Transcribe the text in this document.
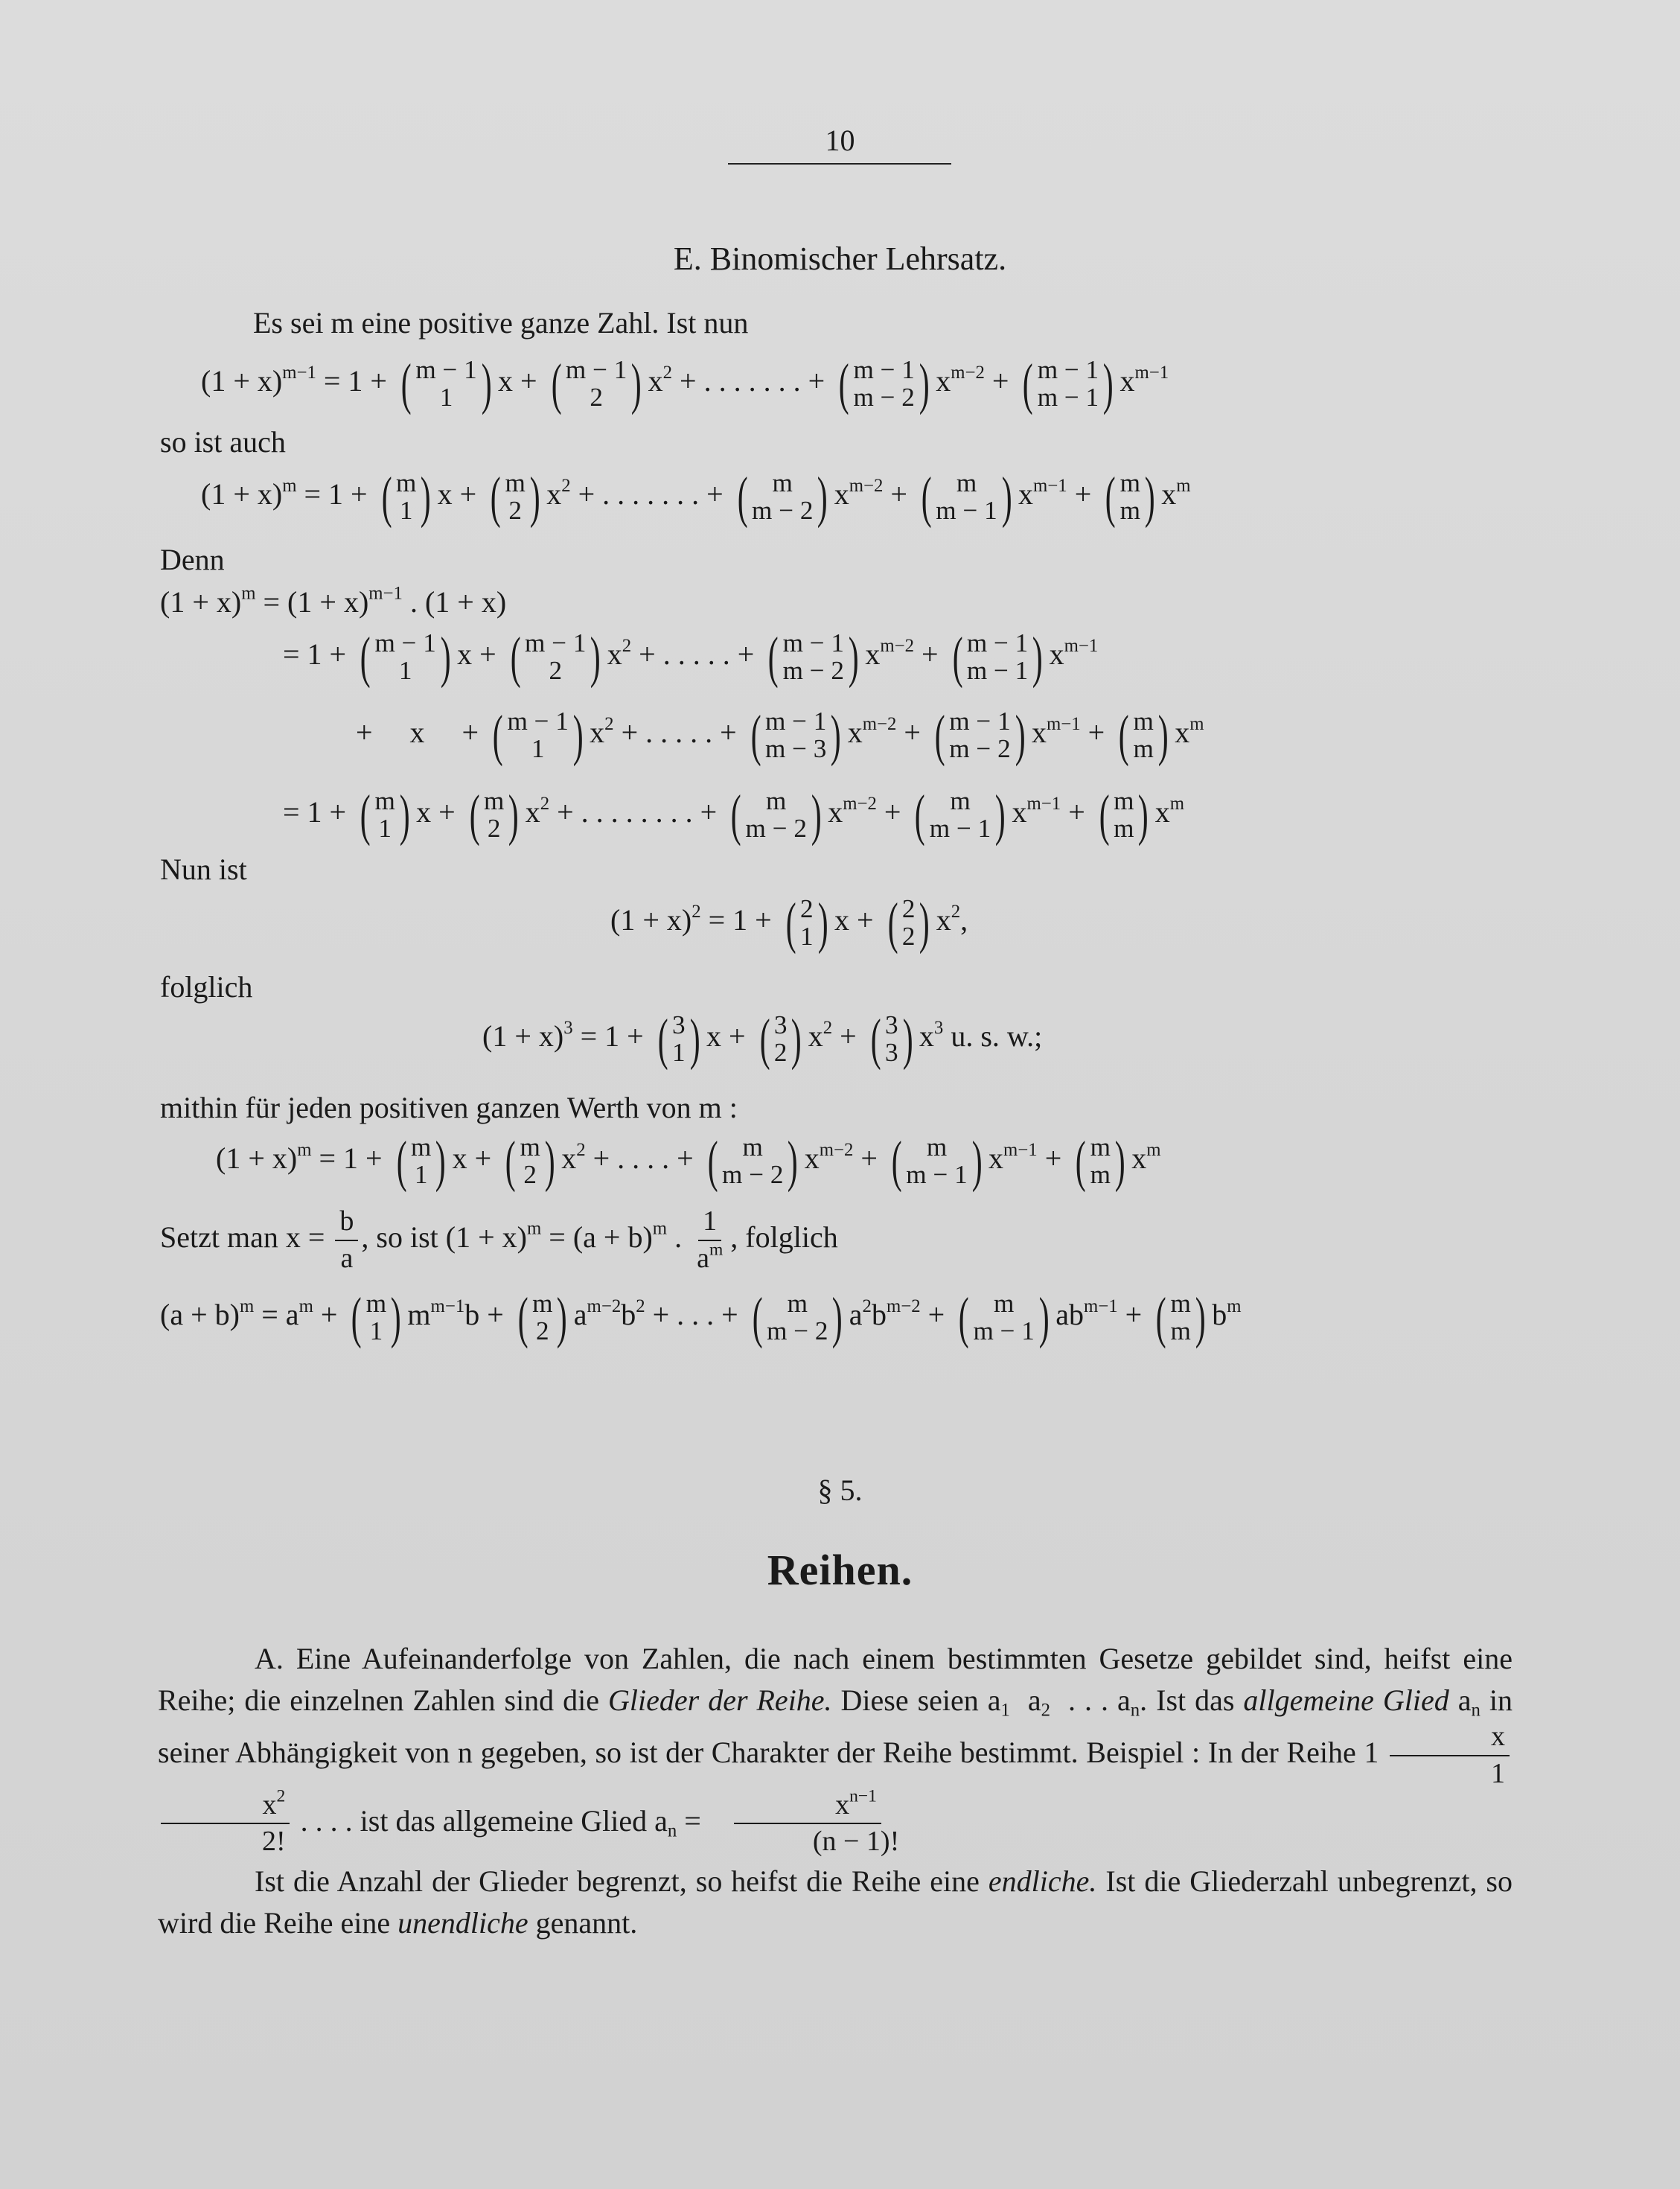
10
E. Binomischer Lehrsatz.
Es sei m eine positive ganze Zahl. Ist nun
$(1 + x)^{m-1} = 1$ + ( m − 1
1 ) x + ( m − 1
2 ) $x^2$ + . . . . . . . + ( m − 1
m − 2 ) $x^{m-2}$ + ( m − 1
m − 1 ) $x^{m-1}$
so ist auch
$(1 + x)^m = 1$ + ( m
1 ) x + ( m
2 ) $x^2$ + . . . . . . . + ( m
m − 2 ) $x^{m-2}$ + ( m
m − 1 ) $x^{m-1}$ + ( m
m ) $x^m$
Denn
$(1 + x)^m = (1 + x)^{m-1}$ . (1 + x)
= 1 + ( m − 1
1 ) x + ( m − 1
2 ) $x^2$ + . . . . . + ( m − 1
m − 2 ) $x^{m-2}$ + ( m − 1
m − 1 ) $x^{m-1}$
+     x     + ( m − 1
1 ) $x^2$ + . . . . . + ( m − 1
m − 3 ) $x^{m-2}$ + ( m − 1
m − 2 ) $x^{m-1}$ + ( m
m ) $x^m$
= 1 + ( m
1 ) x + ( m
2 ) $x^2$ + . . . . . . . . + ( m
m − 2 ) $x^{m-2}$ + ( m
m − 1 ) $x^{m-1}$ + ( m
m ) $x^m$
Nun ist
$(1 + x)^2 = 1$ + ( 2
1 ) x + ( 2
2 ) $x^2$,
folglich
$(1 + x)^3 = 1$ + ( 3
1 ) x + ( 3
2 ) $x^2$ + ( 3
3 ) $x^3$ u. s. w.;
mithin für jeden positiven ganzen Werth von m :
$(1 + x)^m = 1$ + ( m
1 ) x + ( m
2 ) $x^2$ + . . . . + ( m
m − 2 ) $x^{m-2}$ + ( m
m − 1 ) $x^{m-1}$ + ( m
m ) $x^m$
Setzt man $x = \frac{b}{a}$ , so ist $(1 + x)^m = (a + b)^m$ . $\frac{1}{a^m}$ , folglich
$(a + b)^m = a^m$ + ( m
1 ) $m^{m-1}b$ + ( m
2 ) $a^{m-2}b^2$ + . . . + ( m
m − 2 ) $a^2b^{m-2}$ + ( m
m − 1 ) $ab^{m-1}$ + ( m
m ) $b^m$
§ 5.
Reihen.

A. Eine Aufeinanderfolge von Zahlen, die nach einem bestimmten Gesetze gebildet sind, heifst eine Reihe; die einzelnen Zahlen sind die Glieder der Reihe. Diese seien $a_1$  $a_2$  . . . $a_n$. Ist das allgemeine Glied $a_n$ in seiner Abhängigkeit von n gegeben, so ist der Charakter der Reihe bestimmt. Beispiel : In der Reihe $1 \frac{x}{1}$

$\frac{x^2}{2!}$ . . . . ist das allgemeine Glied $a_n = \frac{x^{n-1}}{(n - 1)!}$

Ist die Anzahl der Glieder begrenzt, so heifst die Reihe eine endliche. Ist die Gliederzahl unbegrenzt, so wird die Reihe eine unendliche genannt.
